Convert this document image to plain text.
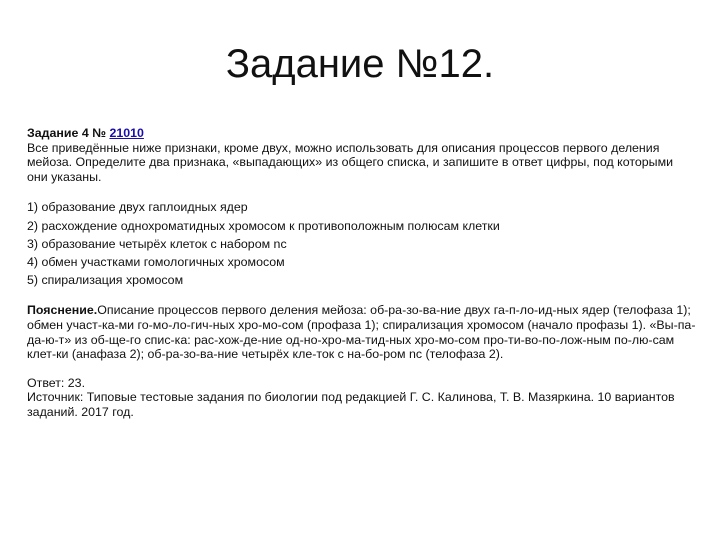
Задание №12.

Задание 4 № 21010

Все приведённые ниже признаки, кроме двух, можно использовать для описания процессов первого деления мейоза. Определите два признака, «выпадающих» из общего списка, и запишите в ответ цифры, под которыми они указаны.

1) образование двух гаплоидных ядер
2) расхождение однохроматидных хромосом к противоположным полюсам клетки
3) образование четырёх клеток с набором nc
4) обмен участками гомологичных хромосом
5) спирализация хромосом

Пояснение.Описание процессов первого деления мейоза: об-ра-зо-ва-ние двух га-п-ло-ид-ных ядер (телофаза 1); обмен участ-ка-ми го-мо-ло-гич-ных хро-мо-сом (профаза 1); спирализация хромосом (начало профазы 1). «Вы-па-да-ю-т» из об-ще-го спис-ка: рас-хож-де-ние од-но-хро-ма-тид-ных хро-мо-сом про-ти-во-по-лож-ным по-лю-сам клет-ки (анафаза 2); об-ра-зо-ва-ние четырёх кле-ток с на-бо-ром nc (телофаза 2).

Ответ: 23.

Источник: Типовые тестовые задания по биологии под редакцией Г. С. Калинова, Т. В. Мазяркина. 10 вариантов заданий. 2017 год.
